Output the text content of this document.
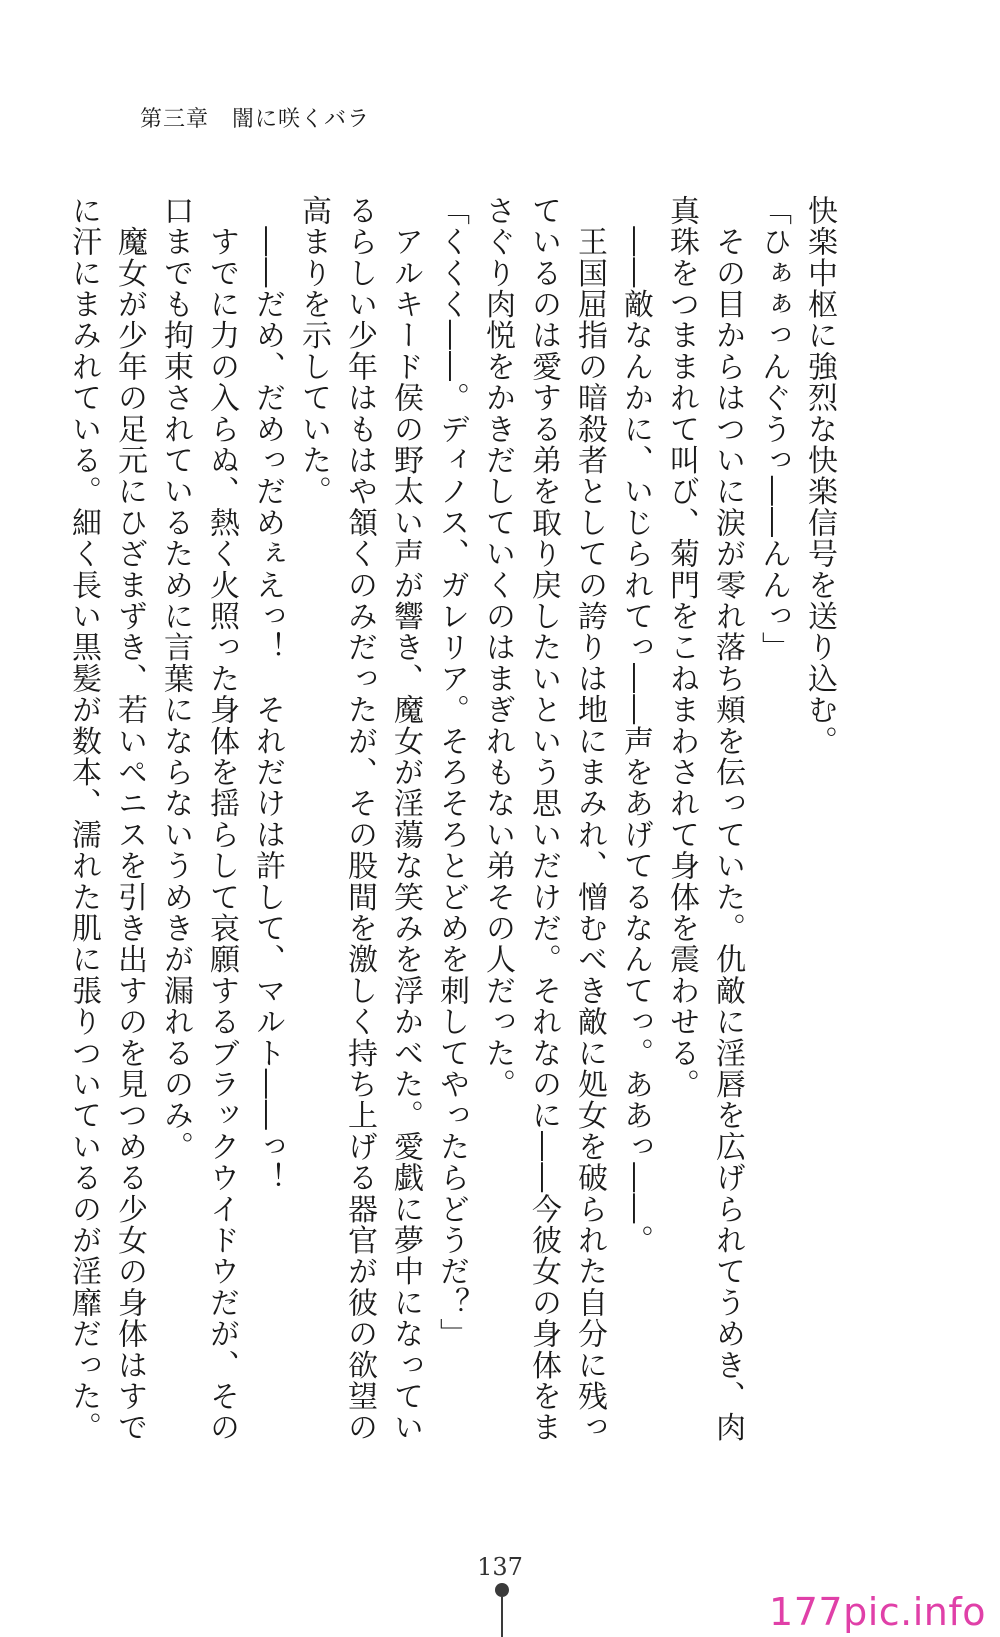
第三章　闇に咲くバラ
快楽中枢に強烈な快楽信号を送り込む。
「ひぁぁっんぐうっ――んんっ」
　その目からはついに涙が零れ落ち頬を伝っていた。仇敵に淫唇を広げられてうめき、肉
真珠をつままれて叫び、菊門をこねまわされて身体を震わせる。
　――敵なんかに、いじられてっ――声をあげてるなんてっ。ああっ――。
　王国屈指の暗殺者としての誇りは地にまみれ、憎むべき敵に処女を破られた自分に残っ
ているのは愛する弟を取り戻したいという思いだけだ。それなのに――今彼女の身体をま
さぐり肉悦をかきだしていくのはまぎれもない弟その人だった。
「くくく――。ディノス、ガレリア。そろそろとどめを刺してやったらどうだ？」
　アルキード侯の野太い声が響き、魔女が淫蕩な笑みを浮かべた。愛戯に夢中になってい
るらしい少年はもはや頷くのみだったが、その股間を激しく持ち上げる器官が彼の欲望の
高まりを示していた。
　――だめ、だめっだめぇえっ！　それだけは許して、マルト――っ！
　すでに力の入らぬ、熱く火照った身体を揺らして哀願するブラックウイドウだが、その
口までも拘束されているために言葉にならないうめきが漏れるのみ。
　魔女が少年の足元にひざまずき、若いペニスを引き出すのを見つめる少女の身体はすで
に汗にまみれている。細く長い黒髪が数本、濡れた肌に張りついているのが淫靡だった。
137
177pic.info
